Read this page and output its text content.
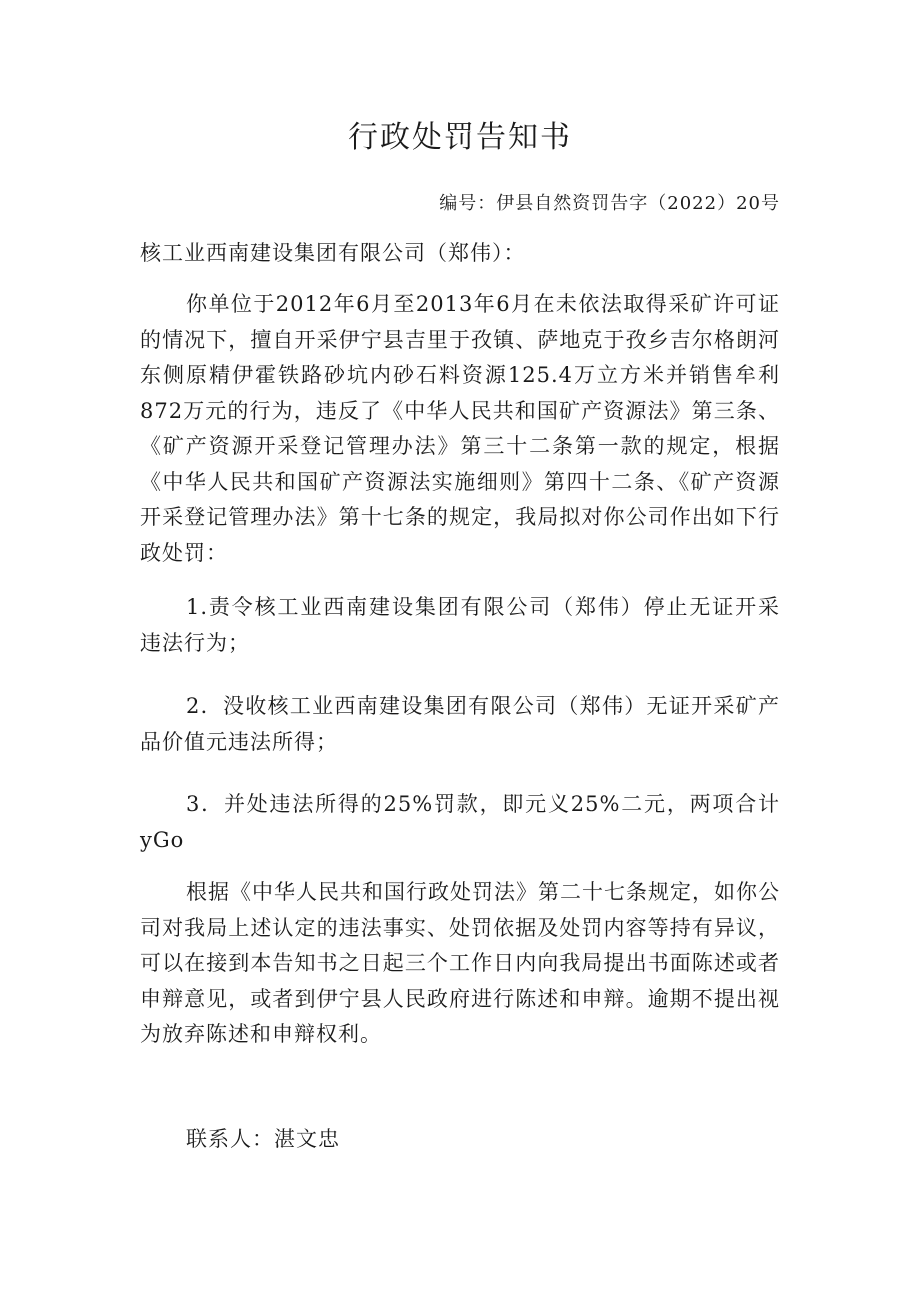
行政处罚告知书
编号：伊县自然资罚告字（2022）20号
核工业西南建设集团有限公司（郑伟）：
你单位于2012年6月至2013年6月在未依法取得采矿许可证的情况下，擅自开采伊宁县吉里于孜镇、萨地克于孜乡吉尔格朗河东侧原精伊霍铁路砂坑内砂石料资源125.4万立方米并销售牟利872万元的行为，违反了《中华人民共和国矿产资源法》第三条、《矿产资源开采登记管理办法》第三十二条第一款的规定，根据《中华人民共和国矿产资源法实施细则》第四十二条、《矿产资源开采登记管理办法》第十七条的规定，我局拟对你公司作出如下行政处罚：
1.责令核工业西南建设集团有限公司（郑伟）停止无证开采违法行为；
2．没收核工业西南建设集团有限公司（郑伟）无证开采矿产品价值元违法所得；
3．并处违法所得的25%罚款，即元义25%二元，两项合计yGo
根据《中华人民共和国行政处罚法》第二十七条规定，如你公司对我局上述认定的违法事实、处罚依据及处罚内容等持有异议，可以在接到本告知书之日起三个工作日内向我局提出书面陈述或者申辩意见，或者到伊宁县人民政府进行陈述和申辩。逾期不提出视为放弃陈述和申辩权利。
联系人：湛文忠
